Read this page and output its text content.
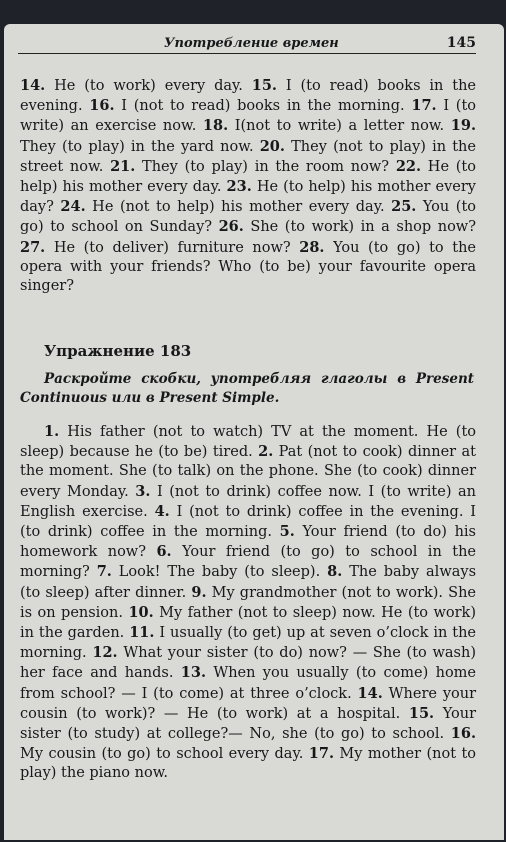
Употребление времен	145
14. He (to work) every day. 15. I (to read) books in the evening. 16. I (not to read) books in the morning. 17. I (to write) an exercise now. 18. I(not to write) a letter now. 19. They (to play) in the yard now. 20. They (not to play) in the street now. 21. They (to play) in the room now? 22. He (to help) his mother every day. 23. He (to help) his mother every day? 24. He (not to help) his mother every day. 25. You (to go) to school on Sunday? 26. She (to work) in a shop now? 27. He (to deliver) furniture now? 28. You (to go) to the opera with your friends? Who (to be) your favourite opera singer?
Упражнение 183
Раскройте скобки, употребляя глаголы в Present Continuous или в Present Simple.
1. His father (not to watch) TV at the moment. He (to sleep) because he (to be) tired. 2. Pat (not to cook) dinner at the moment. She (to talk) on the phone. She (to cook) dinner every Monday. 3. I (not to drink) coffee now. I (to write) an English exercise. 4. I (not to drink) coffee in the evening. I (to drink) coffee in the morning. 5. Your friend (to do) his homework now? 6. Your friend (to go) to school in the morning? 7. Look! The baby (to sleep). 8. The baby always (to sleep) after dinner. 9. My grandmother (not to work). She is on pension. 10. My father (not to sleep) now. He (to work) in the garden. 11. I usually (to get) up at seven o’clock in the morning. 12. What your sister (to do) now? — She (to wash) her face and hands. 13. When you usually (to come) home from school? — I (to come) at three o’clock. 14. Where your cousin (to work)? — He (to work) at a hospital. 15. Your sister (to study) at college?— No, she (to go) to school. 16. My cousin (to go) to school every day. 17. My mother (not to play) the piano now.
